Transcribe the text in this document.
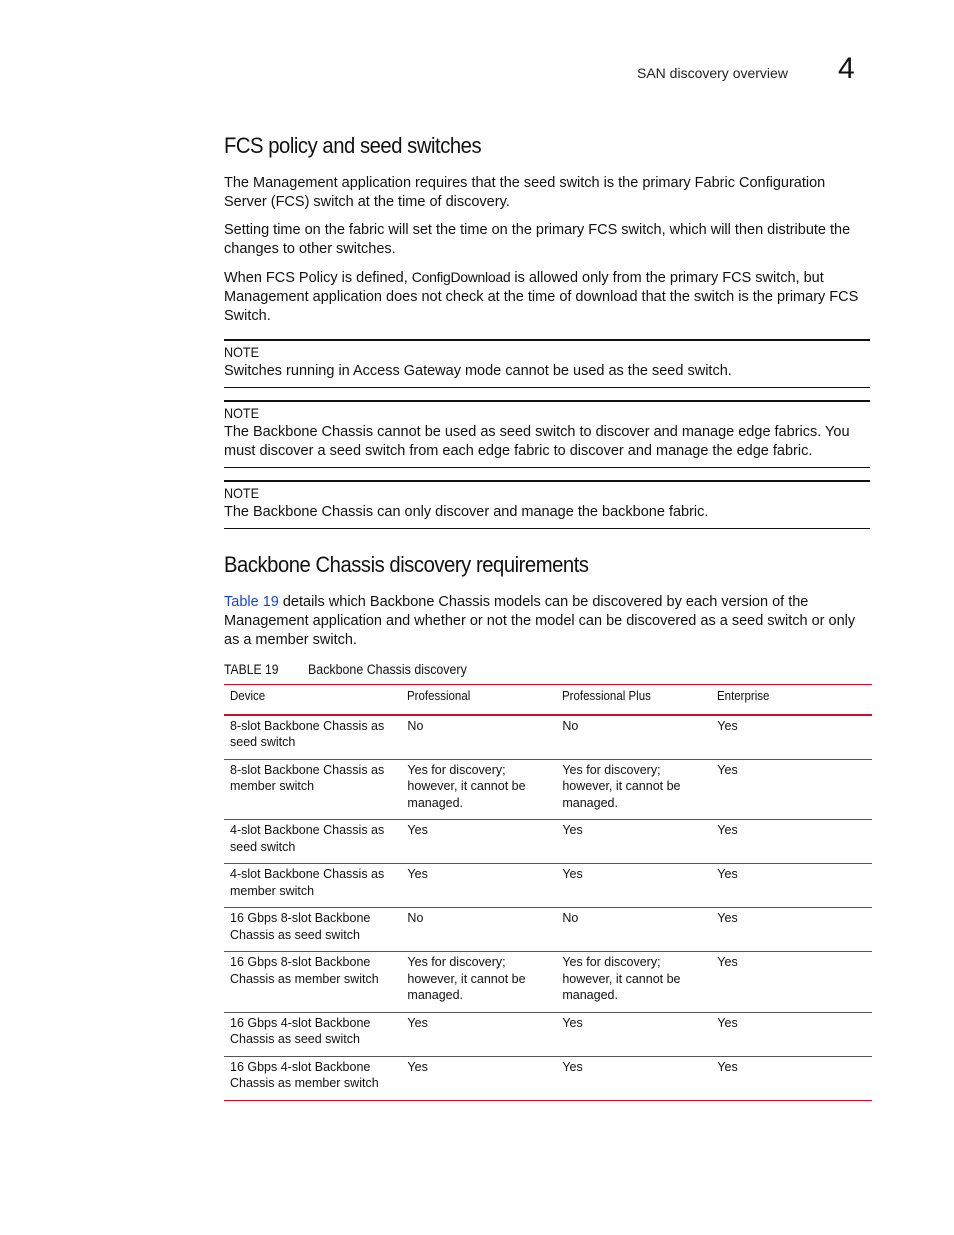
SAN discovery overview 4
FCS policy and seed switches

The Management application requires that the seed switch is the primary Fabric Configuration Server (FCS) switch at the time of discovery.

Setting time on the fabric will set the time on the primary FCS switch, which will then distribute the changes to other switches.

When FCS Policy is defined, ConfigDownload is allowed only from the primary FCS switch, but Management application does not check at the time of download that the switch is the primary FCS Switch.

NOTE
Switches running in Access Gateway mode cannot be used as the seed switch.
NOTE
The Backbone Chassis cannot be used as seed switch to discover and manage edge fabrics. You must discover a seed switch from each edge fabric to discover and manage the edge fabric.
NOTE
The Backbone Chassis can only discover and manage the backbone fabric.
Backbone Chassis discovery requirements

Table 19 details which Backbone Chassis models can be discovered by each version of the Management application and whether or not the model can be discovered as a seed switch or only as a member switch.

TABLE 19 Backbone Chassis discovery
Device	Professional	Professional Plus	Enterprise
8-slot Backbone Chassis as seed switch	No	No	Yes
8-slot Backbone Chassis as member switch	Yes for discovery; however, it cannot be managed.	Yes for discovery; however, it cannot be managed.	Yes
4-slot Backbone Chassis as seed switch	Yes	Yes	Yes
4-slot Backbone Chassis as member switch	Yes	Yes	Yes
16 Gbps 8-slot Backbone Chassis as seed switch	No	No	Yes
16 Gbps 8-slot Backbone Chassis as member switch	Yes for discovery; however, it cannot be managed.	Yes for discovery; however, it cannot be managed.	Yes
16 Gbps 4-slot Backbone Chassis as seed switch	Yes	Yes	Yes
16 Gbps 4-slot Backbone Chassis as member switch	Yes	Yes	Yes
